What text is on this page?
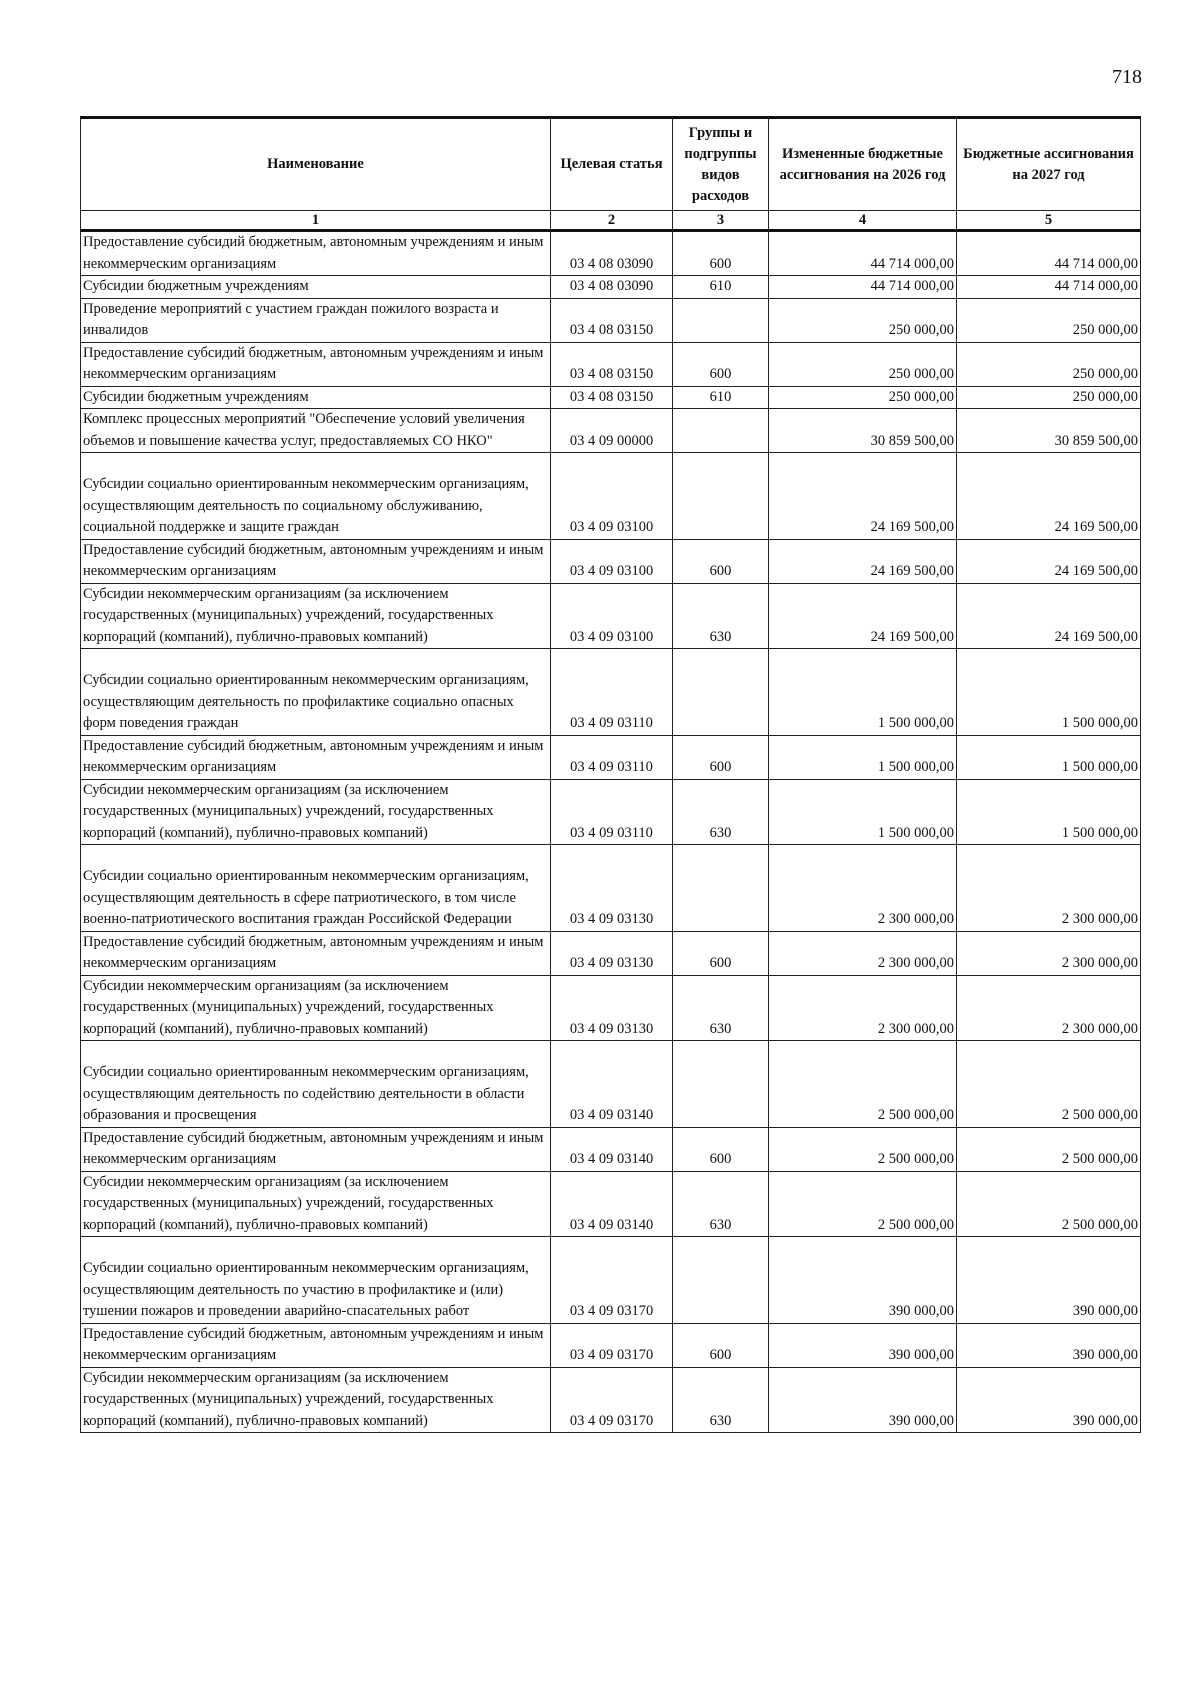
718
Наименование	Целевая статья	Группы и подгруппы видов расходов	Измененные бюджетные ассигнования на 2026 год	Бюджетные ассигнования на 2027 год
1	2	3	4	5
Предоставление субсидий бюджетным, автономным учреждениям и иным некоммерческим организациям	03 4 08 03090	600	44 714 000,00	44 714 000,00
Субсидии бюджетным учреждениям	03 4 08 03090	610	44 714 000,00	44 714 000,00
Проведение мероприятий с участием граждан пожилого возраста и инвалидов	03 4 08 03150		250 000,00	250 000,00
Предоставление субсидий бюджетным, автономным учреждениям и иным некоммерческим организациям	03 4 08 03150	600	250 000,00	250 000,00
Субсидии бюджетным учреждениям	03 4 08 03150	610	250 000,00	250 000,00
Комплекс процессных мероприятий "Обеспечение условий увеличения объемов и повышение качества услуг, предоставляемых СО НКО"	03 4 09 00000		30 859 500,00	30 859 500,00
Субсидии социально ориентированным некоммерческим организациям, осуществляющим деятельность по социальному обслуживанию, социальной поддержке и защите граждан	03 4 09 03100		24 169 500,00	24 169 500,00
Предоставление субсидий бюджетным, автономным учреждениям и иным некоммерческим организациям	03 4 09 03100	600	24 169 500,00	24 169 500,00
Субсидии некоммерческим организациям (за исключением государственных (муниципальных) учреждений, государственных корпораций (компаний), публично-правовых компаний)	03 4 09 03100	630	24 169 500,00	24 169 500,00
Субсидии социально ориентированным некоммерческим организациям, осуществляющим деятельность по профилактике социально опасных форм поведения граждан	03 4 09 03110		1 500 000,00	1 500 000,00
Предоставление субсидий бюджетным, автономным учреждениям и иным некоммерческим организациям	03 4 09 03110	600	1 500 000,00	1 500 000,00
Субсидии некоммерческим организациям (за исключением государственных (муниципальных) учреждений, государственных корпораций (компаний), публично-правовых компаний)	03 4 09 03110	630	1 500 000,00	1 500 000,00
Субсидии социально ориентированным некоммерческим организациям, осуществляющим деятельность в сфере патриотического, в том числе военно-патриотического воспитания граждан Российской Федерации	03 4 09 03130		2 300 000,00	2 300 000,00
Предоставление субсидий бюджетным, автономным учреждениям и иным некоммерческим организациям	03 4 09 03130	600	2 300 000,00	2 300 000,00
Субсидии некоммерческим организациям (за исключением государственных (муниципальных) учреждений, государственных корпораций (компаний), публично-правовых компаний)	03 4 09 03130	630	2 300 000,00	2 300 000,00
Субсидии социально ориентированным некоммерческим организациям, осуществляющим деятельность по содействию деятельности в области образования и просвещения	03 4 09 03140		2 500 000,00	2 500 000,00
Предоставление субсидий бюджетным, автономным учреждениям и иным некоммерческим организациям	03 4 09 03140	600	2 500 000,00	2 500 000,00
Субсидии некоммерческим организациям (за исключением государственных (муниципальных) учреждений, государственных корпораций (компаний), публично-правовых компаний)	03 4 09 03140	630	2 500 000,00	2 500 000,00
Субсидии социально ориентированным некоммерческим организациям, осуществляющим деятельность по участию в профилактике и (или) тушении пожаров и проведении аварийно-спасательных работ	03 4 09 03170		390 000,00	390 000,00
Предоставление субсидий бюджетным, автономным учреждениям и иным некоммерческим организациям	03 4 09 03170	600	390 000,00	390 000,00
Субсидии некоммерческим организациям (за исключением государственных (муниципальных) учреждений, государственных корпораций (компаний), публично-правовых компаний)	03 4 09 03170	630	390 000,00	390 000,00
